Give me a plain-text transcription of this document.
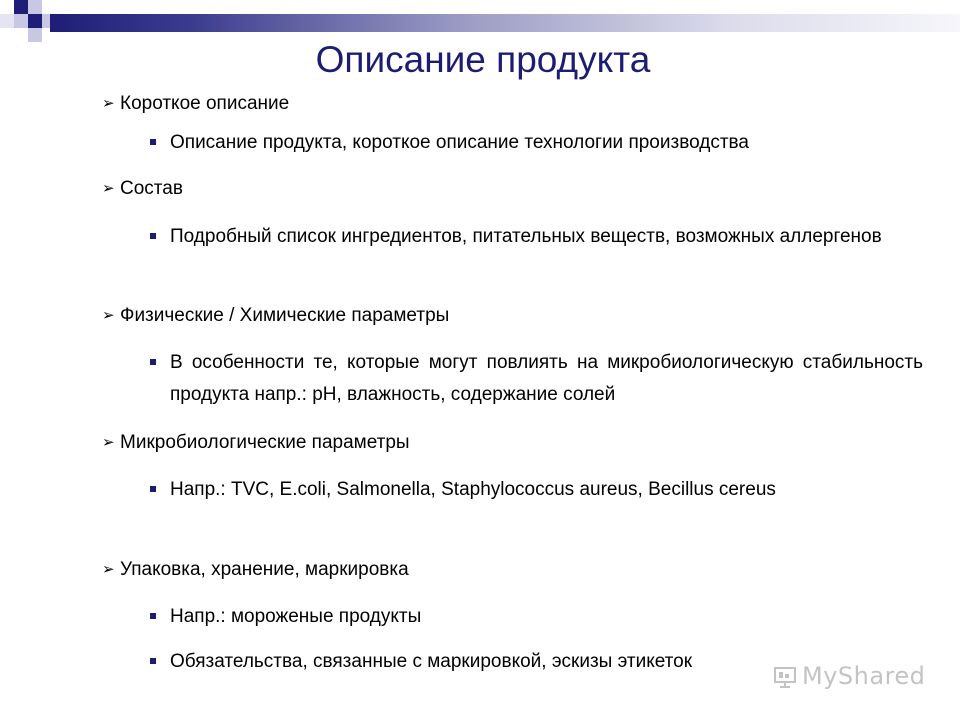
Описание продукта
➢ Короткое описание
Описание продукта, короткое описание технологии производства
➢ Состав
Подробный список ингредиентов, питательных веществ, возможных аллергенов
➢ Физические / Химические параметры
В особенности те, которые могут повлиять на микробиологическую стабильность продукта напр.: pH, влажность, содержание солей
➢ Микробиологические параметры
Напр.: TVC, E.coli, Salmonella, Staphylococcus aureus, Becillus cereus
➢ Упаковка, хранение, маркировка
Напр.: мороженые продукты
Обязательства, связанные с маркировкой, эскизы этикеток
MyShared
